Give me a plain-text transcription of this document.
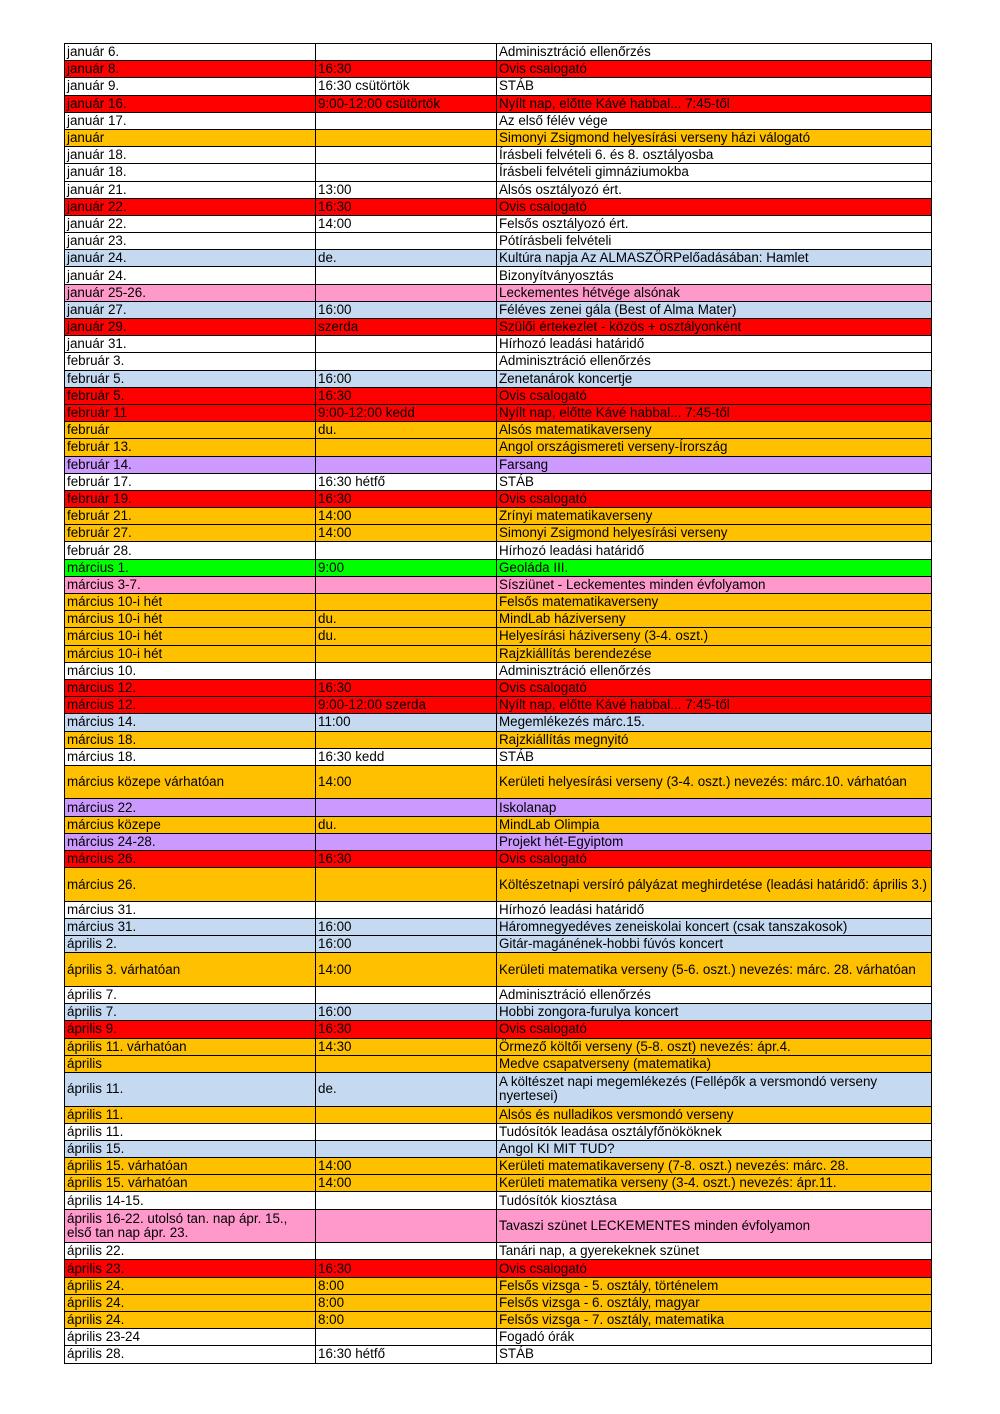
január 6.		Adminisztráció ellenőrzés
január 8.	16:30	Ovis csalogató
január 9.	16:30 csütörtök	STÁB
január 16.	9:00-12:00 csütörtök	Nyílt nap, előtte Kávé habbal... 7:45-től
január 17.		Az első félév vége
január		Simonyi Zsigmond helyesírási verseny házi válogató
január 18.		Írásbeli felvételi 6. és 8. osztályosba
január 18.		Írásbeli felvételi gimnáziumokba
január 21.	13:00	Alsós osztályozó ért.
január 22.	16:30	Ovis csalogató
január 22.	14:00	Felsős osztályozó ért.
január 23.		Pótírásbeli felvételi
január 24.	de.	Kultúra napja Az ALMASZÖRPelőadásában: Hamlet
január 24.		Bizonyítványosztás
január 25-26.		Leckementes hétvége alsónak
január 27.	16:00	Féléves zenei gála (Best of Alma Mater)
január 29.	szerda	Szülői értekezlet - közös + osztályonként
január 31.		Hírhozó leadási határidő
február 3.		Adminisztráció ellenőrzés
február 5.	16:00	Zenetanárok koncertje
február 5.	16:30	Ovis csalogató
február 11	9:00-12:00 kedd	Nyílt nap, előtte Kávé habbal... 7:45-től
február	du.	Alsós matematikaverseny
február 13.		Angol országismereti verseny-Írország
február 14.		Farsang
február 17.	16:30 hétfő	STÁB
február 19.	16:30	Ovis csalogató
február 21.	14:00	Zrínyi matematikaverseny
február 27.	14:00	Simonyi Zsigmond helyesírási verseny
február 28.		Hírhozó leadási határidő
március 1.	9:00	Geoláda III.
március 3-7.		Sísziünet - Leckementes minden évfolyamon
március 10-i hét		Felsős matematikaverseny
március 10-i hét	du.	MindLab háziverseny
március 10-i hét	du.	Helyesírási háziverseny (3-4. oszt.)
március 10-i hét		Rajzkiállítás berendezése
március 10.		Adminisztráció ellenőrzés
március 12.	16:30	Ovis csalogató
március 12.	9:00-12:00 szerda	Nyílt nap, előtte Kávé habbal... 7:45-től
március 14.	11:00	Megemlékezés márc.15.
március 18.		Rajzkiállítás megnyitó
március 18.	16:30 kedd	STÁB
március közepe várhatóan	14:00	Kerületi helyesírási verseny (3-4. oszt.) nevezés: márc.10. várhatóan
március 22.		Iskolanap
március közepe	du.	MindLab Olimpia
március 24-28.		Projekt hét-Egyiptom
március 26.	16:30	Ovis csalogató
március 26.		Költészetnapi versíró pályázat meghirdetése (leadási határidő: április 3.)
március 31.		Hírhozó leadási határidő
március 31.	16:00	Háromnegyedéves zeneiskolai koncert (csak tanszakosok)
április 2.	16:00	Gitár-magánének-hobbi fúvós koncert
április 3. várhatóan	14:00	Kerületi matematika verseny (5-6. oszt.) nevezés: márc. 28. várhatóan
április 7.		Adminisztráció ellenőrzés
április 7.	16:00	Hobbi zongora-furulya koncert
április 9.	16:30	Ovis csalogató
április 11. várhatóan	14:30	Örmező költői verseny (5-8. oszt) nevezés: ápr.4.
április		Medve csapatverseny (matematika)
április 11.	de.	A költészet napi megemlékezés (Fellépők a versmondó verseny nyertesei)
április 11.		Alsós és nulladikos versmondó verseny
április 11.		Tudósítók leadása osztályfőnököknek
április 15.		Angol KI MIT TUD?
április 15. várhatóan	14:00	Kerületi matematikaverseny (7-8. oszt.) nevezés: márc. 28.
április 15. várhatóan	14:00	Kerületi matematika verseny (3-4. oszt.) nevezés: ápr.11.
április 14-15.		Tudósítók kiosztása
április 16-22. utolsó tan. nap ápr. 15., első tan nap ápr. 23.		Tavaszi szünet LECKEMENTES minden évfolyamon
április 22.		Tanári nap, a gyerekeknek szünet
április 23.	16:30	Ovis csalogató
április 24.	8:00	Felsős vizsga - 5. osztály, történelem
április 24.	8:00	Felsős vizsga - 6. osztály, magyar
április 24.	8:00	Felsős vizsga - 7. osztály, matematika
április 23-24		Fogadó órák
április 28.	16:30 hétfő	STÁB
